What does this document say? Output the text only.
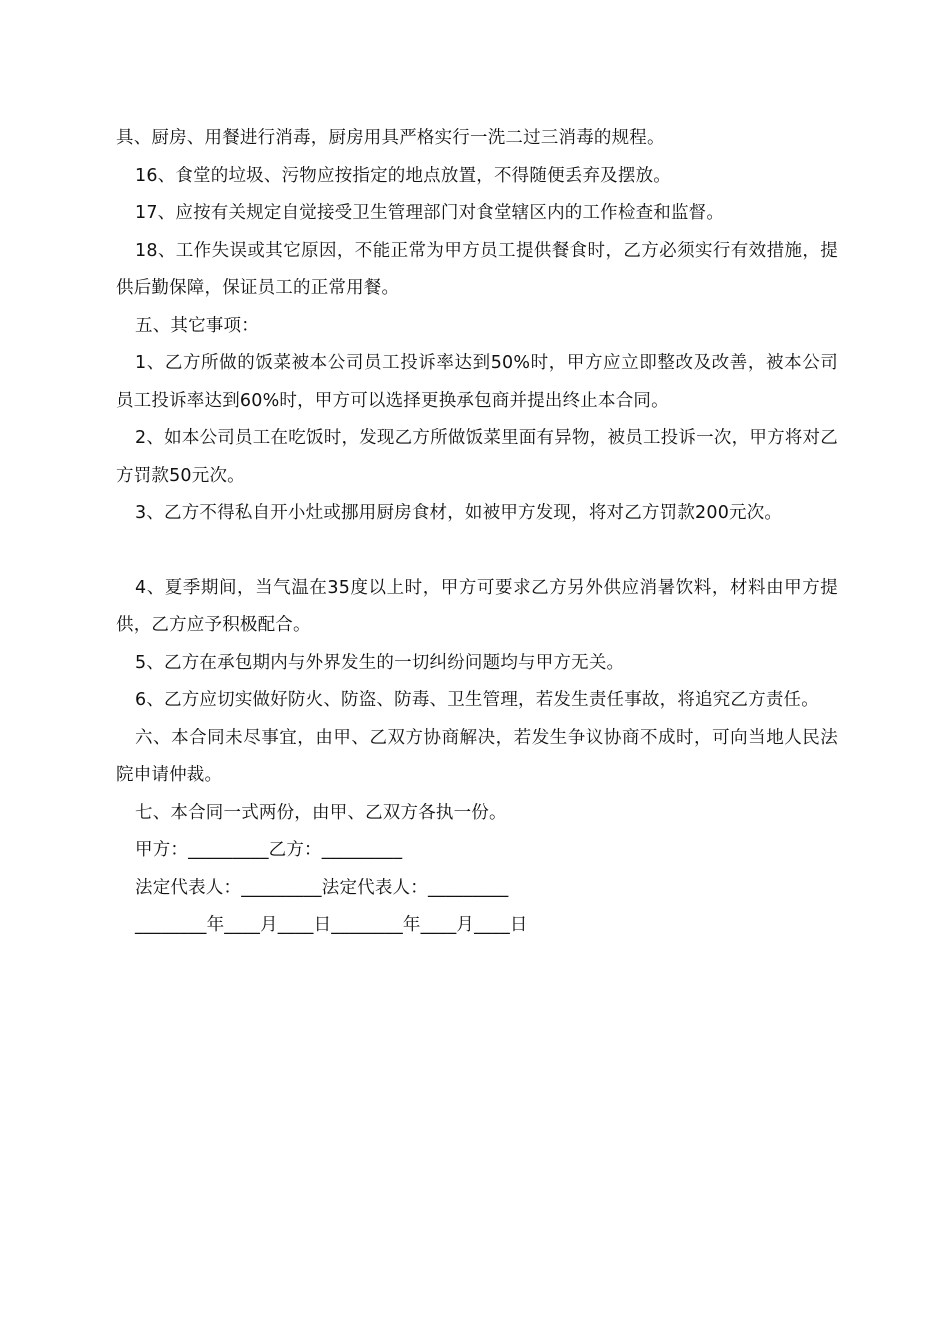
具、厨房、用餐进行消毒，厨房用具严格实行一洗二过三消毒的规程。

16、食堂的垃圾、污物应按指定的地点放置，不得随便丢弃及摆放。

17、应按有关规定自觉接受卫生管理部门对食堂辖区内的工作检查和监督。

18、工作失误或其它原因，不能正常为甲方员工提供餐食时，乙方必须实行有效措施，提供后勤保障，保证员工的正常用餐。

五、其它事项：

1、乙方所做的饭菜被本公司员工投诉率达到50%时，甲方应立即整改及改善，被本公司员工投诉率达到60%时，甲方可以选择更换承包商并提出终止本合同。

2、如本公司员工在吃饭时，发现乙方所做饭菜里面有异物，被员工投诉一次，甲方将对乙方罚款50元次。

3、乙方不得私自开小灶或挪用厨房食材，如被甲方发现，将对乙方罚款200元次。

4、夏季期间，当气温在35度以上时，甲方可要求乙方另外供应消暑饮料，材料由甲方提供，乙方应予积极配合。

5、乙方在承包期内与外界发生的一切纠纷问题均与甲方无关。

6、乙方应切实做好防火、防盗、防毒、卫生管理，若发生责任事故，将追究乙方责任。

六、本合同未尽事宜，由甲、乙双方协商解决，若发生争议协商不成时，可向当地人民法院申请仲裁。

七、本合同一式两份，由甲、乙双方各执一份。

甲方：_________乙方：_________

法定代表人：_________法定代表人：_________

________年____月____日________年____月____日
